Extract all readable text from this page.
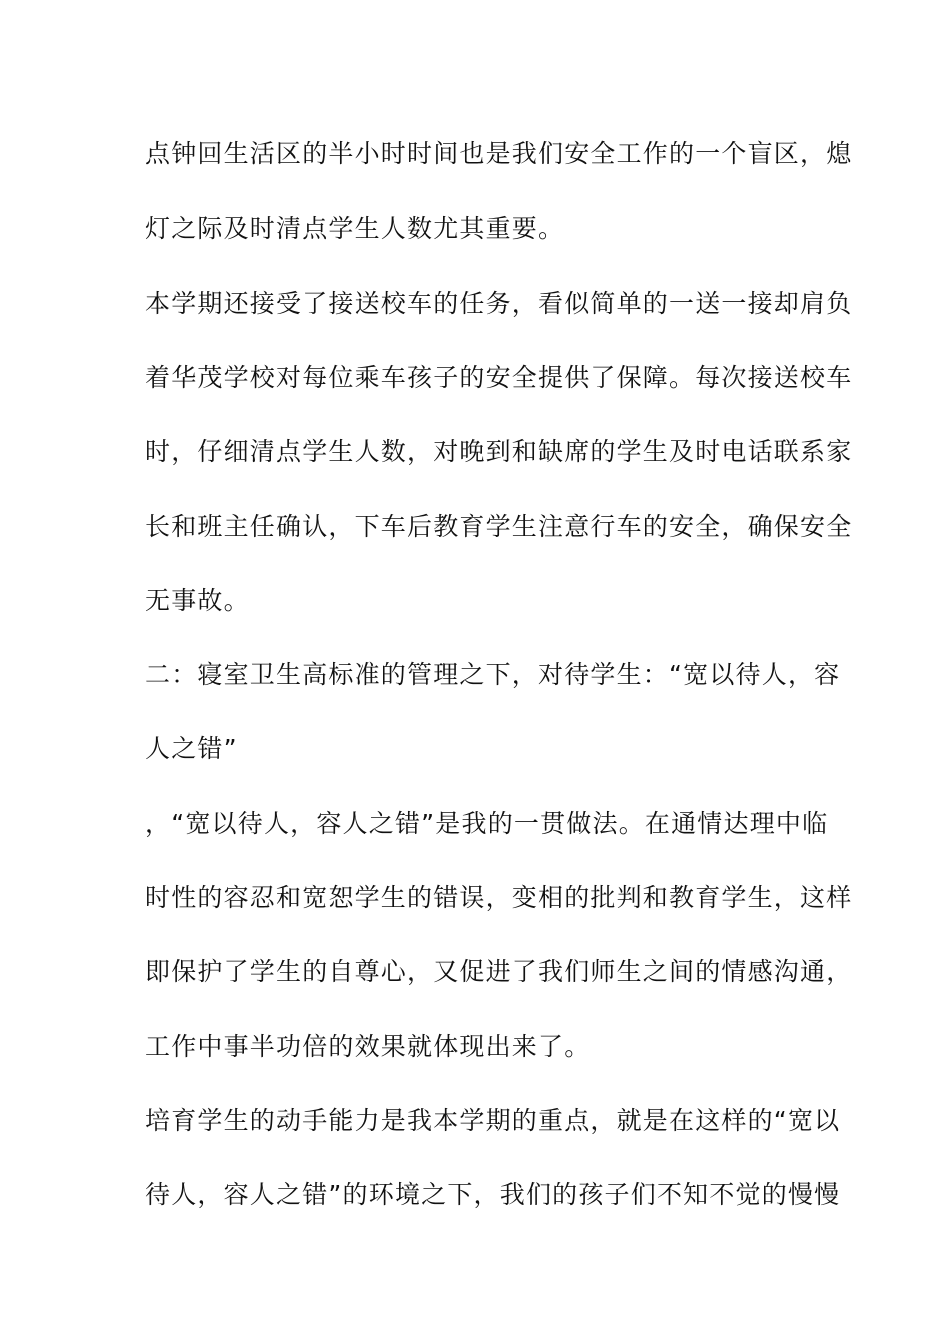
点钟回生活区的半小时时间也是我们安全工作的一个盲区，熄
灯之际及时清点学生人数尤其重要。
本学期还接受了接送校车的任务，看似简单的一送一接却肩负
着华茂学校对每位乘车孩子的安全提供了保障。每次接送校车
时，仔细清点学生人数，对晚到和缺席的学生及时电话联系家
长和班主任确认，下车后教育学生注意行车的安全，确保安全
无事故。
二：寝室卫生高标准的管理之下，对待学生：“宽以待人，容
人之错”
，“宽以待人，容人之错”是我的一贯做法。在通情达理中临
时性的容忍和宽恕学生的错误，变相的批判和教育学生，这样
即保护了学生的自尊心，又促进了我们师生之间的情感沟通，
工作中事半功倍的效果就体现出来了。
培育学生的动手能力是我本学期的重点，就是在这样的“宽以
待人，容人之错”的环境之下，我们的孩子们不知不觉的慢慢
